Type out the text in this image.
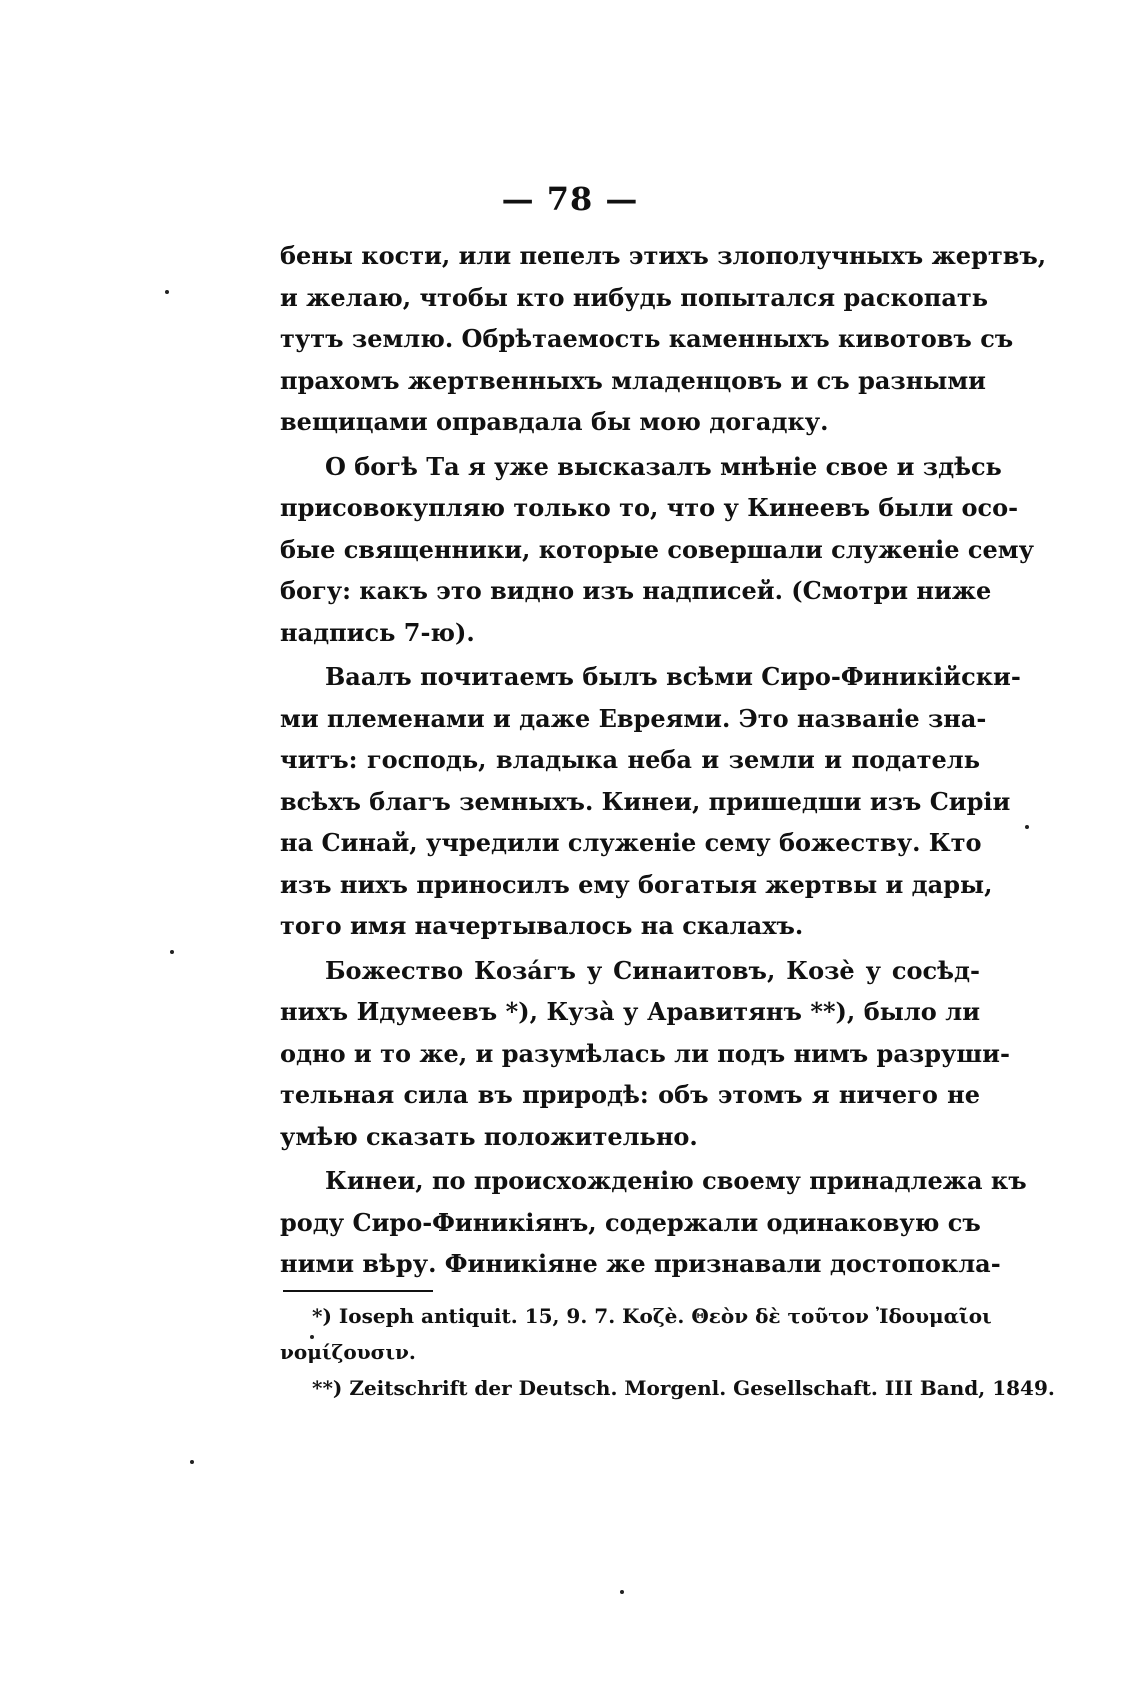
— 78 —
бены кости, или пепелъ этихъ злополучныхъ жертвъ,
и желаю, чтобы кто нибудь попытался раскопать
тутъ землю. Обрѣтаемость каменныхъ кивотовъ съ
прахомъ жертвенныхъ младенцовъ и съ разными
вещицами оправдала бы мою догадку.
О богѣ Та я уже высказалъ мнѣніе свое и здѣсь
присовокупляю только то, что у Кинеевъ были осо-
бые священники, которые совершали служеніе сему
богу: какъ это видно изъ надписей. (Смотри ниже
надпись 7-ю).
Ваалъ почитаемъ былъ всѣми Сиро-Финикійски-
ми племенами и даже Евреями. Это названіе зна-
читъ: господь, владыка неба и земли и податель
всѣхъ благъ земныхъ. Кинеи, пришедши изъ Сиріи
на Синай, учредили служеніе сему божеству. Кто
изъ нихъ приносилъ ему богатыя жертвы и дары,
того имя начертывалось на скалахъ.
Божество Козáгъ у Синаитовъ, Козѐ у сосѣд-
нихъ Идумеевъ *), Кузà у Аравитянъ **), было ли
одно и то же, и разумѣлась ли подъ нимъ разруши-
тельная сила въ природѣ: объ этомъ я ничего не
умѣю сказать положительно.
Кинеи, по происхожденію своему принадлежа къ
роду Сиро-Финикіянъ, содержали одинаковую съ
ними вѣру. Финикіяне же признавали достопокла-
*) Ioseph antiquit. 15, 9. 7. Κοζè. Θεὸν δὲ τοῦτον Ἰδουμαῖοι
νομίζουσιν.
**) Zeitschrift der Deutsch. Morgenl. Gesellschaft. III Band, 1849.
